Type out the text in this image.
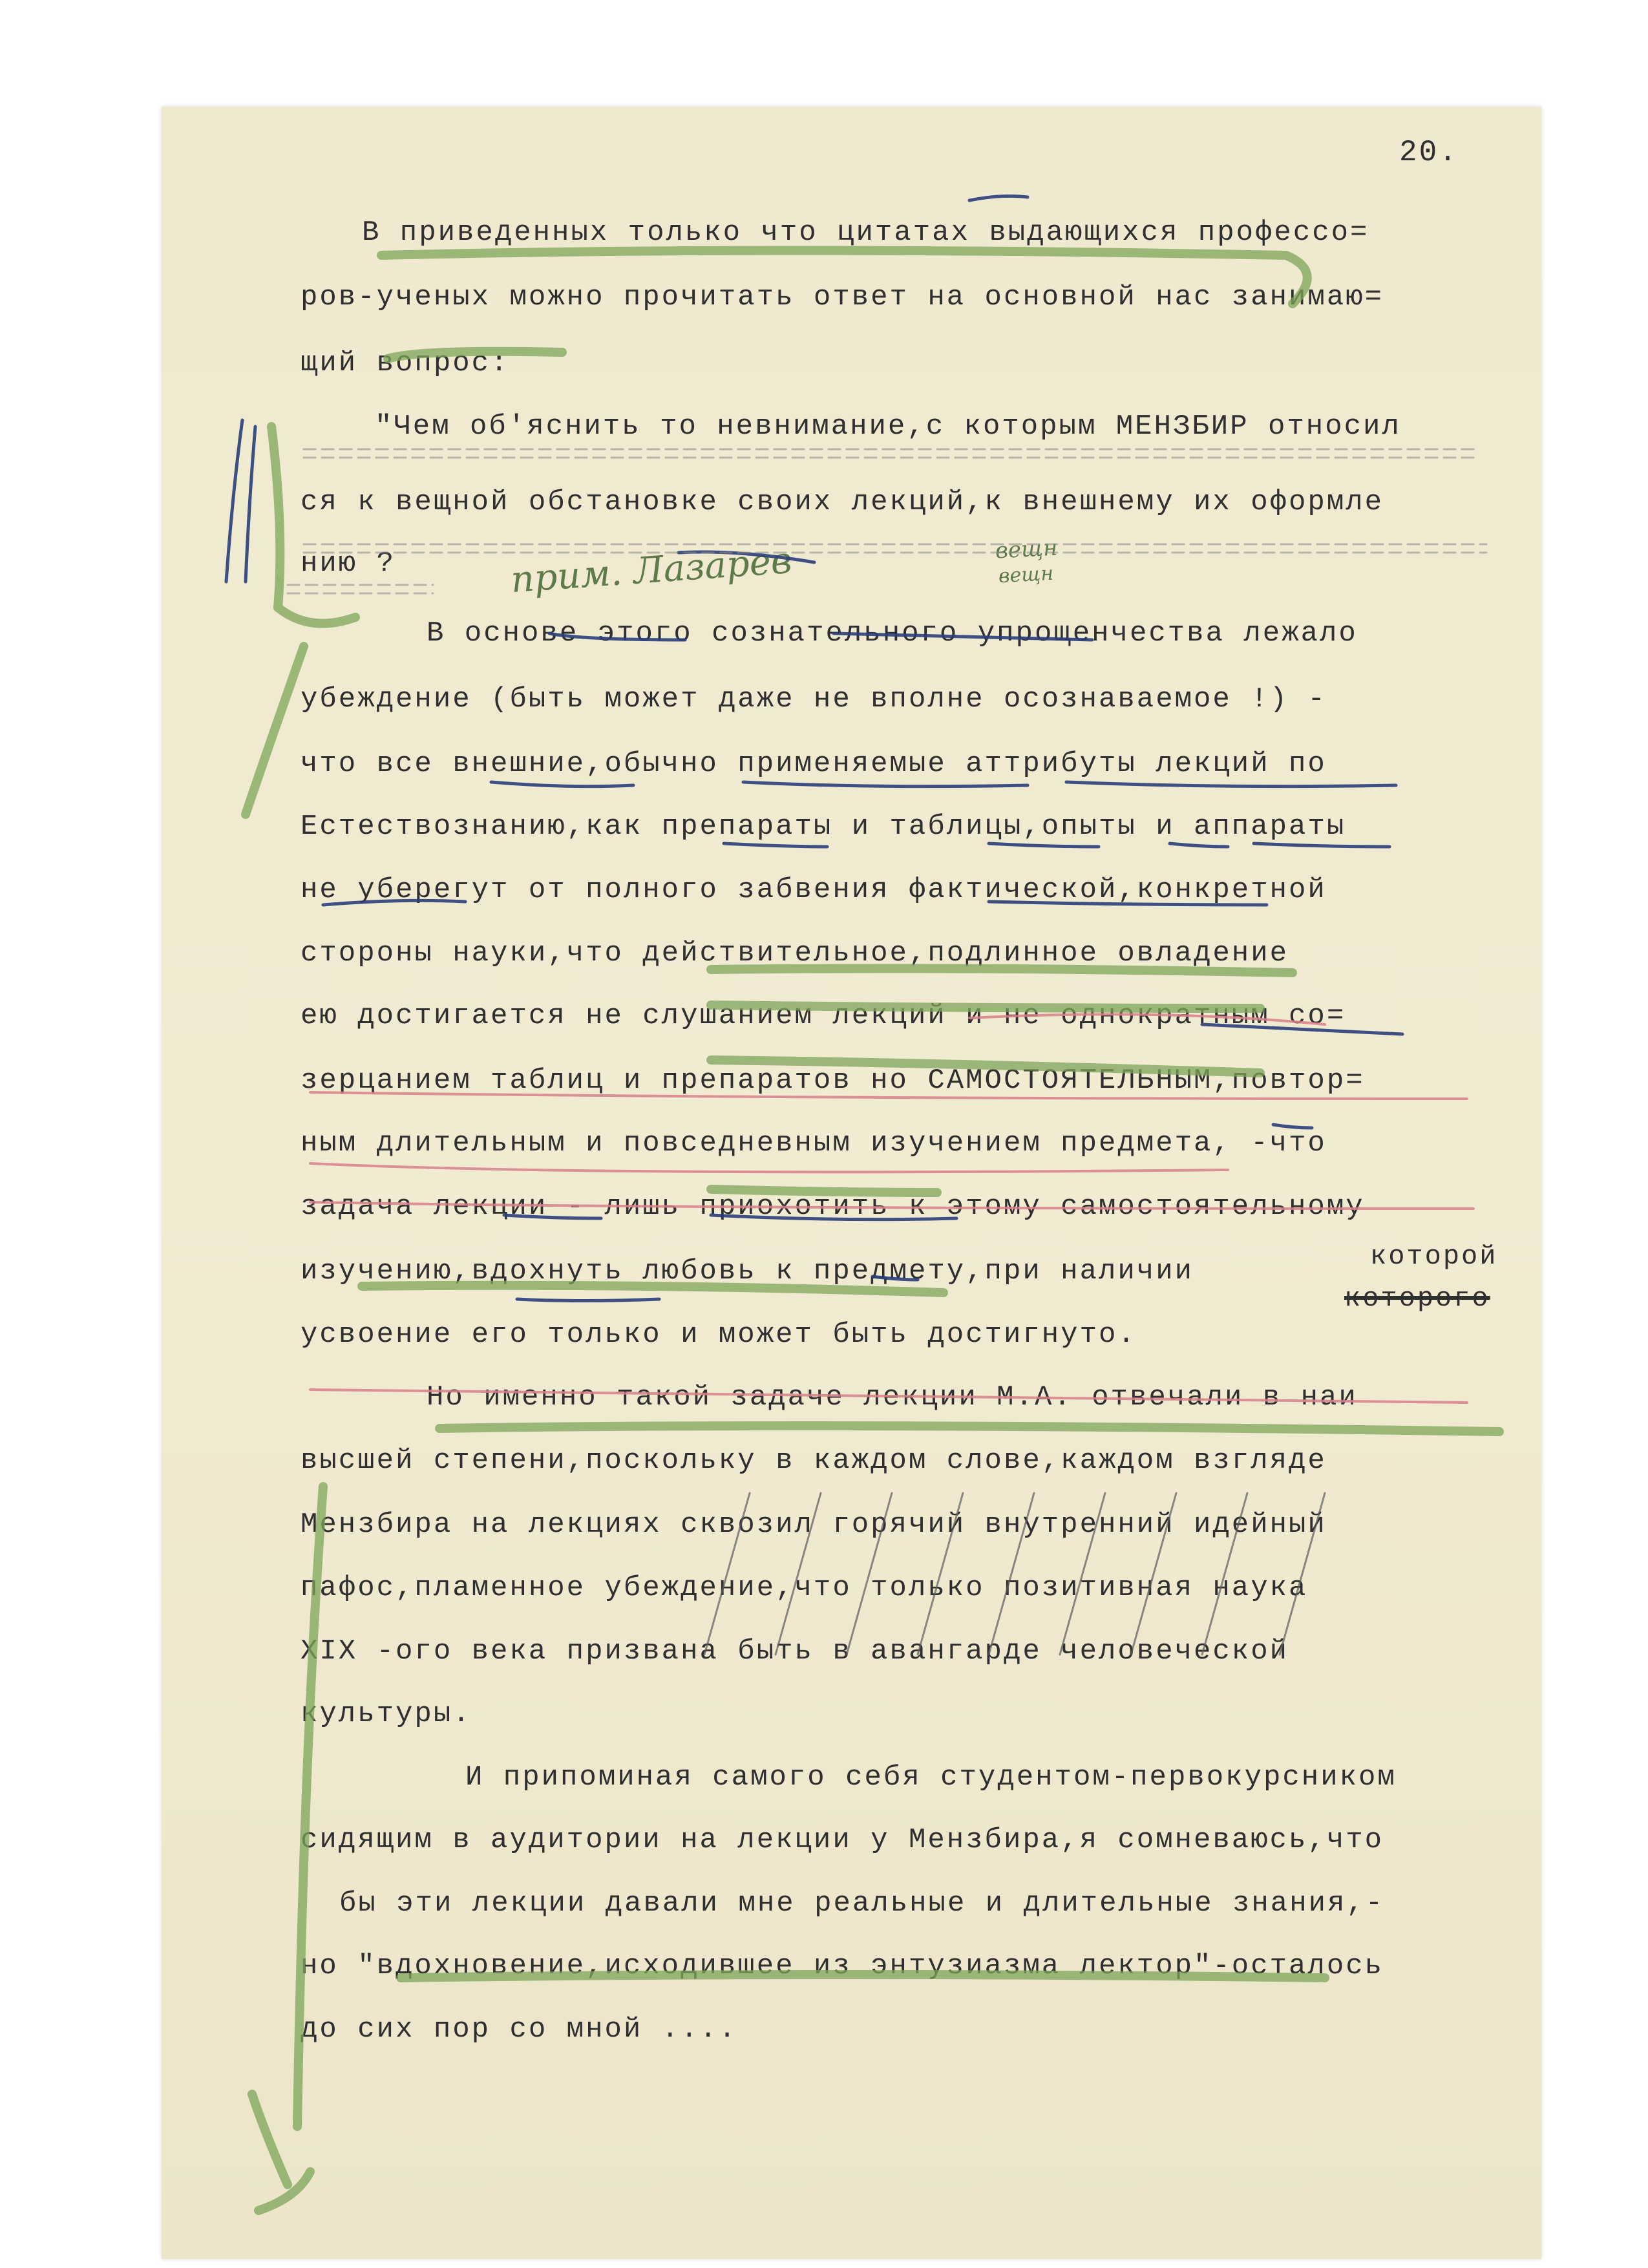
20.
В приведенных только что цитатах выдающихся профессо=
ров-ученых можно прочитать ответ на основной нас занимаю=
щий вопрос:
"Чем об'яснить то невнимание,с которым МЕНЗБИР относил
ся к вещной обстановке своих лекций,к внешнему их оформле
нию ?
В основе этого сознательного упрощенчества лежало
убеждение (быть может даже не вполне осознаваемое !) -
что все внешние,обычно применяемые аттрибуты лекций по
Естествознанию,как препараты и таблицы,опыты и аппараты
не уберегут от полного забвения фактической,конкретной
стороны науки,что действительное,подлинное овладение
ею достигается не слушанием лекций и не однократным со=
зерцанием таблиц и препаратов но САМОСТОЯТЕЛЬНЫМ,повтор=
ным длительным и повседневным изучением предмета, -что
задача лекции - лишь приохотить к этому самостоятельному
изучению,вдохнуть любовь к предмету,при наличии
усвоение его только и может быть достигнуто.
Но именно такой задаче лекции М.А. отвечали в наи
высшей степени,поскольку в каждом слове,каждом взгляде
Мензбира на лекциях сквозил горячий внутренний идейный
пафос,пламенное убеждение,что только позитивная наука
XIX -ого века призвана быть в авангарде человеческой
культуры.
И припоминая самого себя студентом-первокурсником
сидящим в аудитории на лекции у Мензбира,я сомневаюсь,что
бы эти лекции давали мне реальные и длительные знания,-
но "вдохновение,исходившее из энтузиазма лектор"-осталось
до сих пор со мной ....
которой
которого
прим. Лазарев	вещн
вещн
